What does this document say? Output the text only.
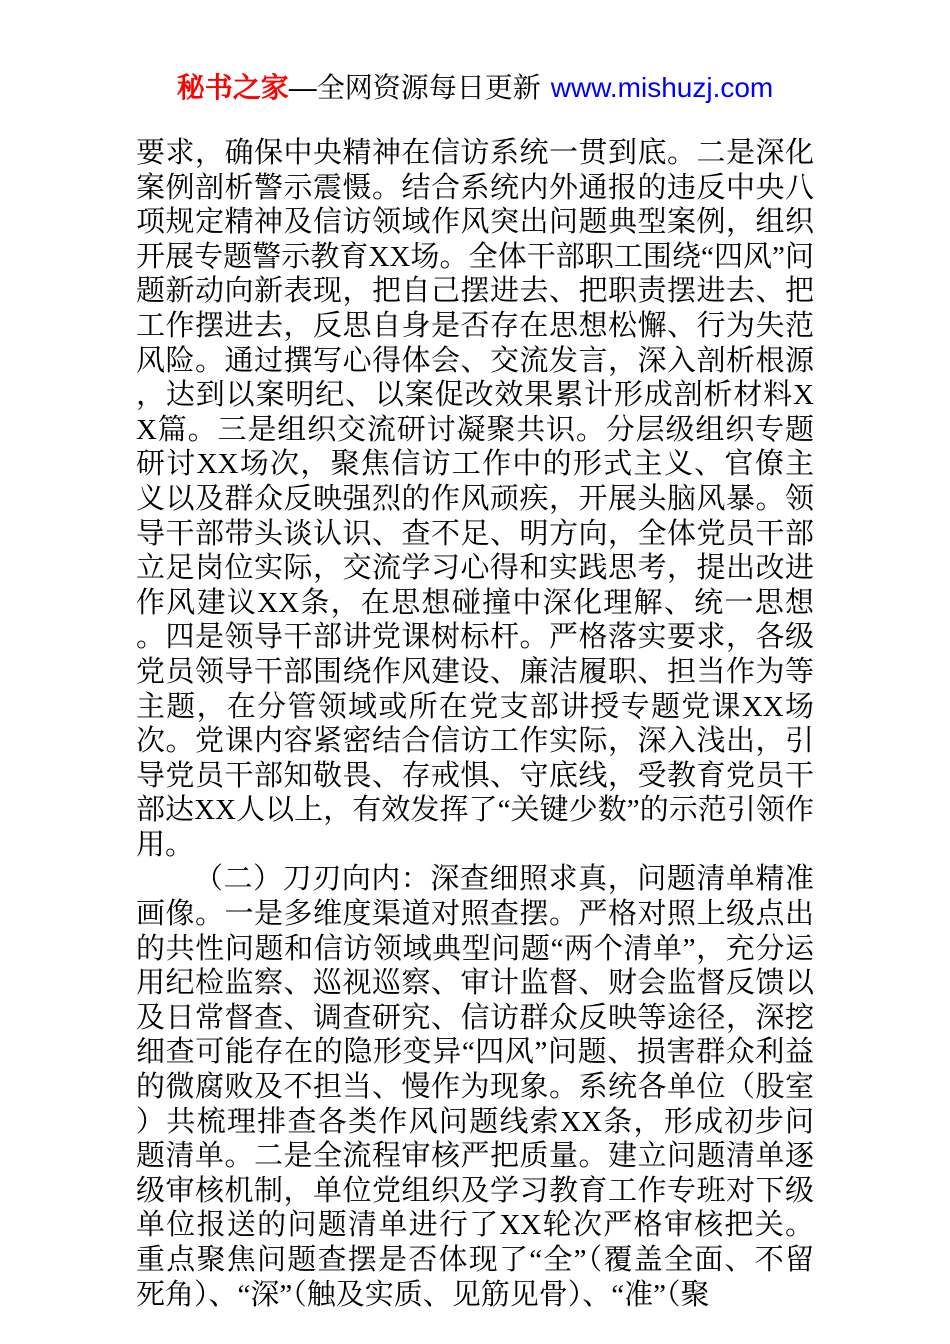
秘书之家—全网资源每日更新 www.mishuzj.com

要求，确保中央精神在信访系统一贯到底。二是深化案例剖析警示震慑。结合系统内外通报的违反中央八项规定精神及信访领域作风突出问题典型案例，组织开展专题警示教育XX场。全体干部职工围绕“四风”问题新动向新表现，把自己摆进去、把职责摆进去、把工作摆进去，反思自身是否存在思想松懈、行为失范风险。通过撰写心得体会、交流发言，深入剖析根源，达到以案明纪、以案促改效果累计形成剖析材料XX篇。三是组织交流研讨凝聚共识。分层级组织专题研讨XX场次，聚焦信访工作中的形式主义、官僚主义以及群众反映强烈的作风顽疾，开展头脑风暴。领导干部带头谈认识、查不足、明方向，全体党员干部立足岗位实际，交流学习心得和实践思考，提出改进作风建议XX条，在思想碰撞中深化理解、统一思想。四是领导干部讲党课树标杆。严格落实要求，各级党员领导干部围绕作风建设、廉洁履职、担当作为等主题，在分管领域或所在党支部讲授专题党课XX场次。党课内容紧密结合信访工作实际，深入浅出，引导党员干部知敬畏、存戒惧、守底线，受教育党员干部达XX人以上，有效发挥了“关键少数”的示范引领作用。

（二）刀刃向内：深查细照求真，问题清单精准画像。一是多维度渠道对照查摆。严格对照上级点出的共性问题和信访领域典型问题“两个清单”，充分运用纪检监察、巡视巡察、审计监督、财会监督反馈以及日常督查、调查研究、信访群众反映等途径，深挖细查可能存在的隐形变异“四风”问题、损害群众利益的微腐败及不担当、慢作为现象。系统各单位（股室）共梳理排查各类作风问题线索XX条，形成初步问题清单。二是全流程审核严把质量。建立问题清单逐级审核机制，单位党组织及学习教育工作专班对下级单位报送的问题清单进行了XX轮次严格审核把关。重点聚焦问题查摆是否体现了“全”（覆盖全面、不留死角）、“深”（触及实质、见筋见骨）、“准”（聚
